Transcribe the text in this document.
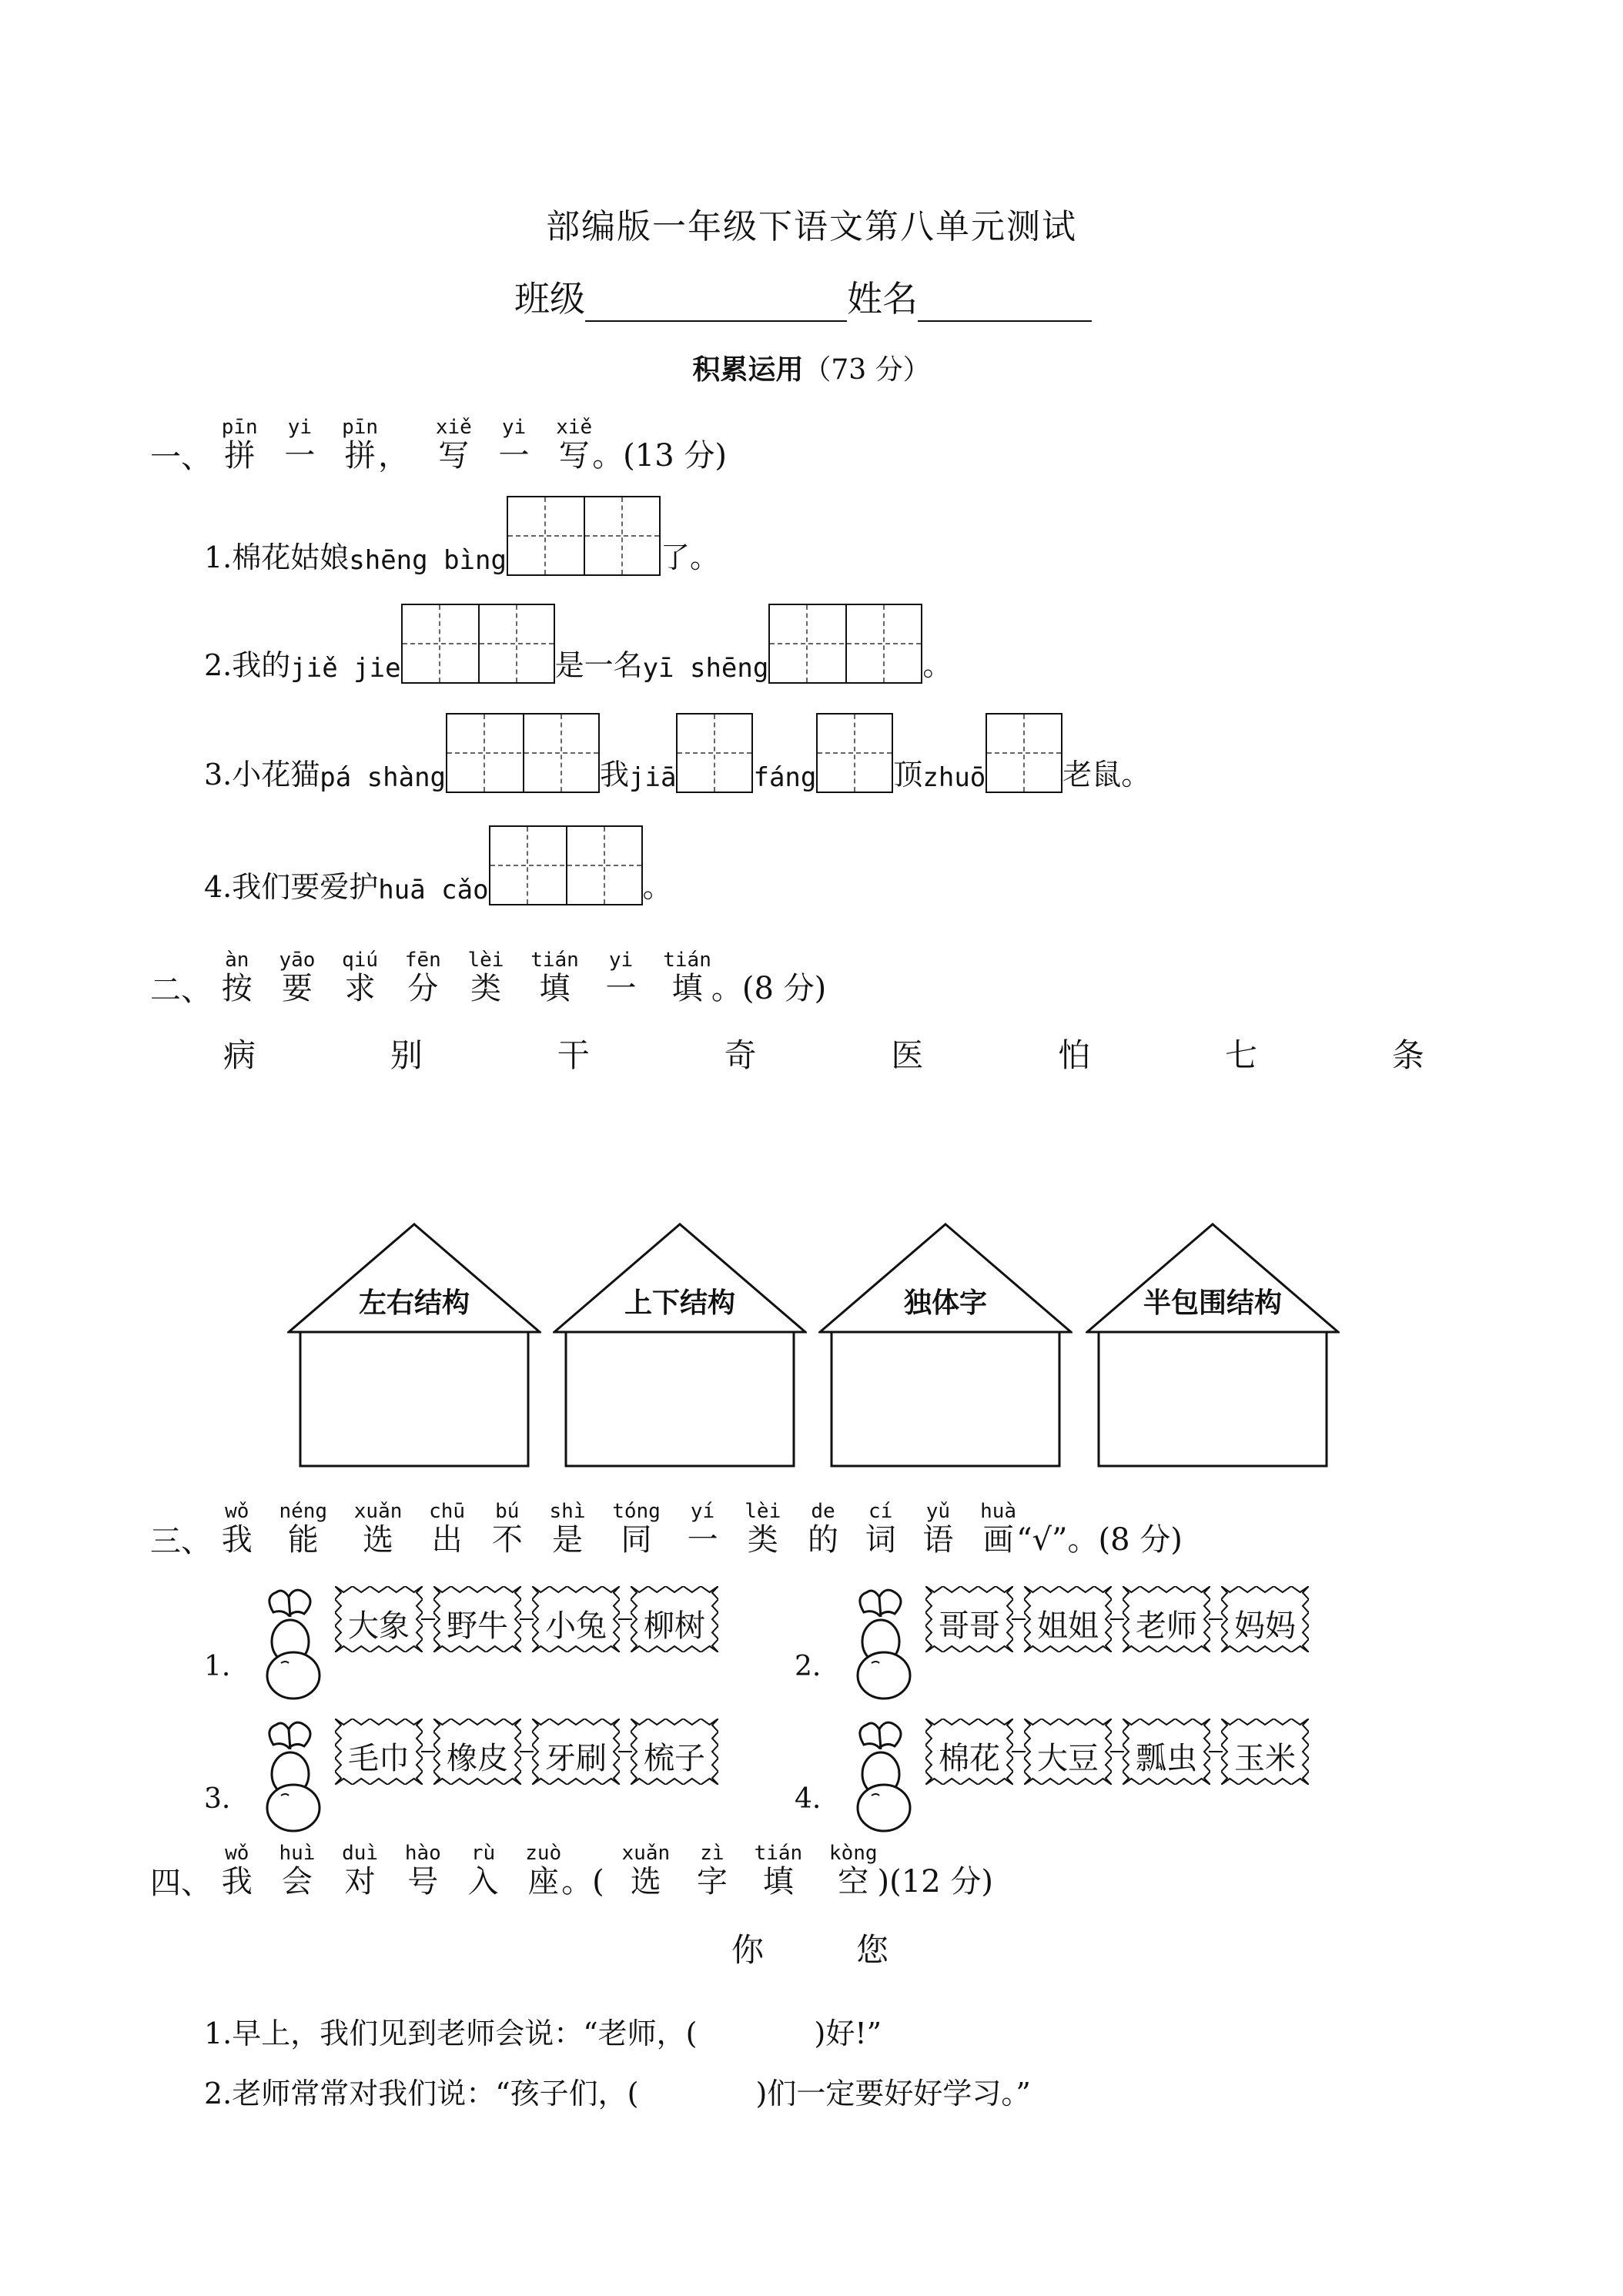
部编版一年级下语文第八单元测试
班级	姓名
积累运用（73 分）
一、
pīn
拼

yi
一

pīn
拼 ，
xiě
写

yi
一

xiě
写 。(13 分)
1.棉花姑娘shēng bìng	了。
2.我的jiě jie	是一名yī shēng	。
3.小花猫pá shàng	我jiā	fáng	顶zhuō	老鼠。
4.我们要爱护huā cǎo	。
二、
àn
按

yāo
要

qiú
求

fēn
分

lèi
类

tián
填

yi
一

tián
填 。(8 分)
病	别	干	奇	医	怕	七	条
左右结构	上下结构	独体字	半包围结构
三、
wǒ
我

néng
能

xuǎn
选

chū
出

bú
不

shì
是

tóng
同

yí
一

lèi
类

de
的

cí
词

yǔ
语

huà
画 “√”。(8 分)
1.
大象	野牛	小兔	柳树
2.
哥哥	姐姐	老师	妈妈
3.
毛巾	橡皮	牙刷	梳子
4.
棉花	大豆	瓢虫	玉米
四、
wǒ
我

huì
会

duì
对

hào
号

rù
入

zuò
座 。(
xuǎn
选

zì
字

tián
填

kòng
空 )(12 分)
你	您
1.早上，我们见到老师会说：“老师，(　　　　)好!”
2.老师常常对我们说：“孩子们，(　　　　)们一定要好好学习。”
